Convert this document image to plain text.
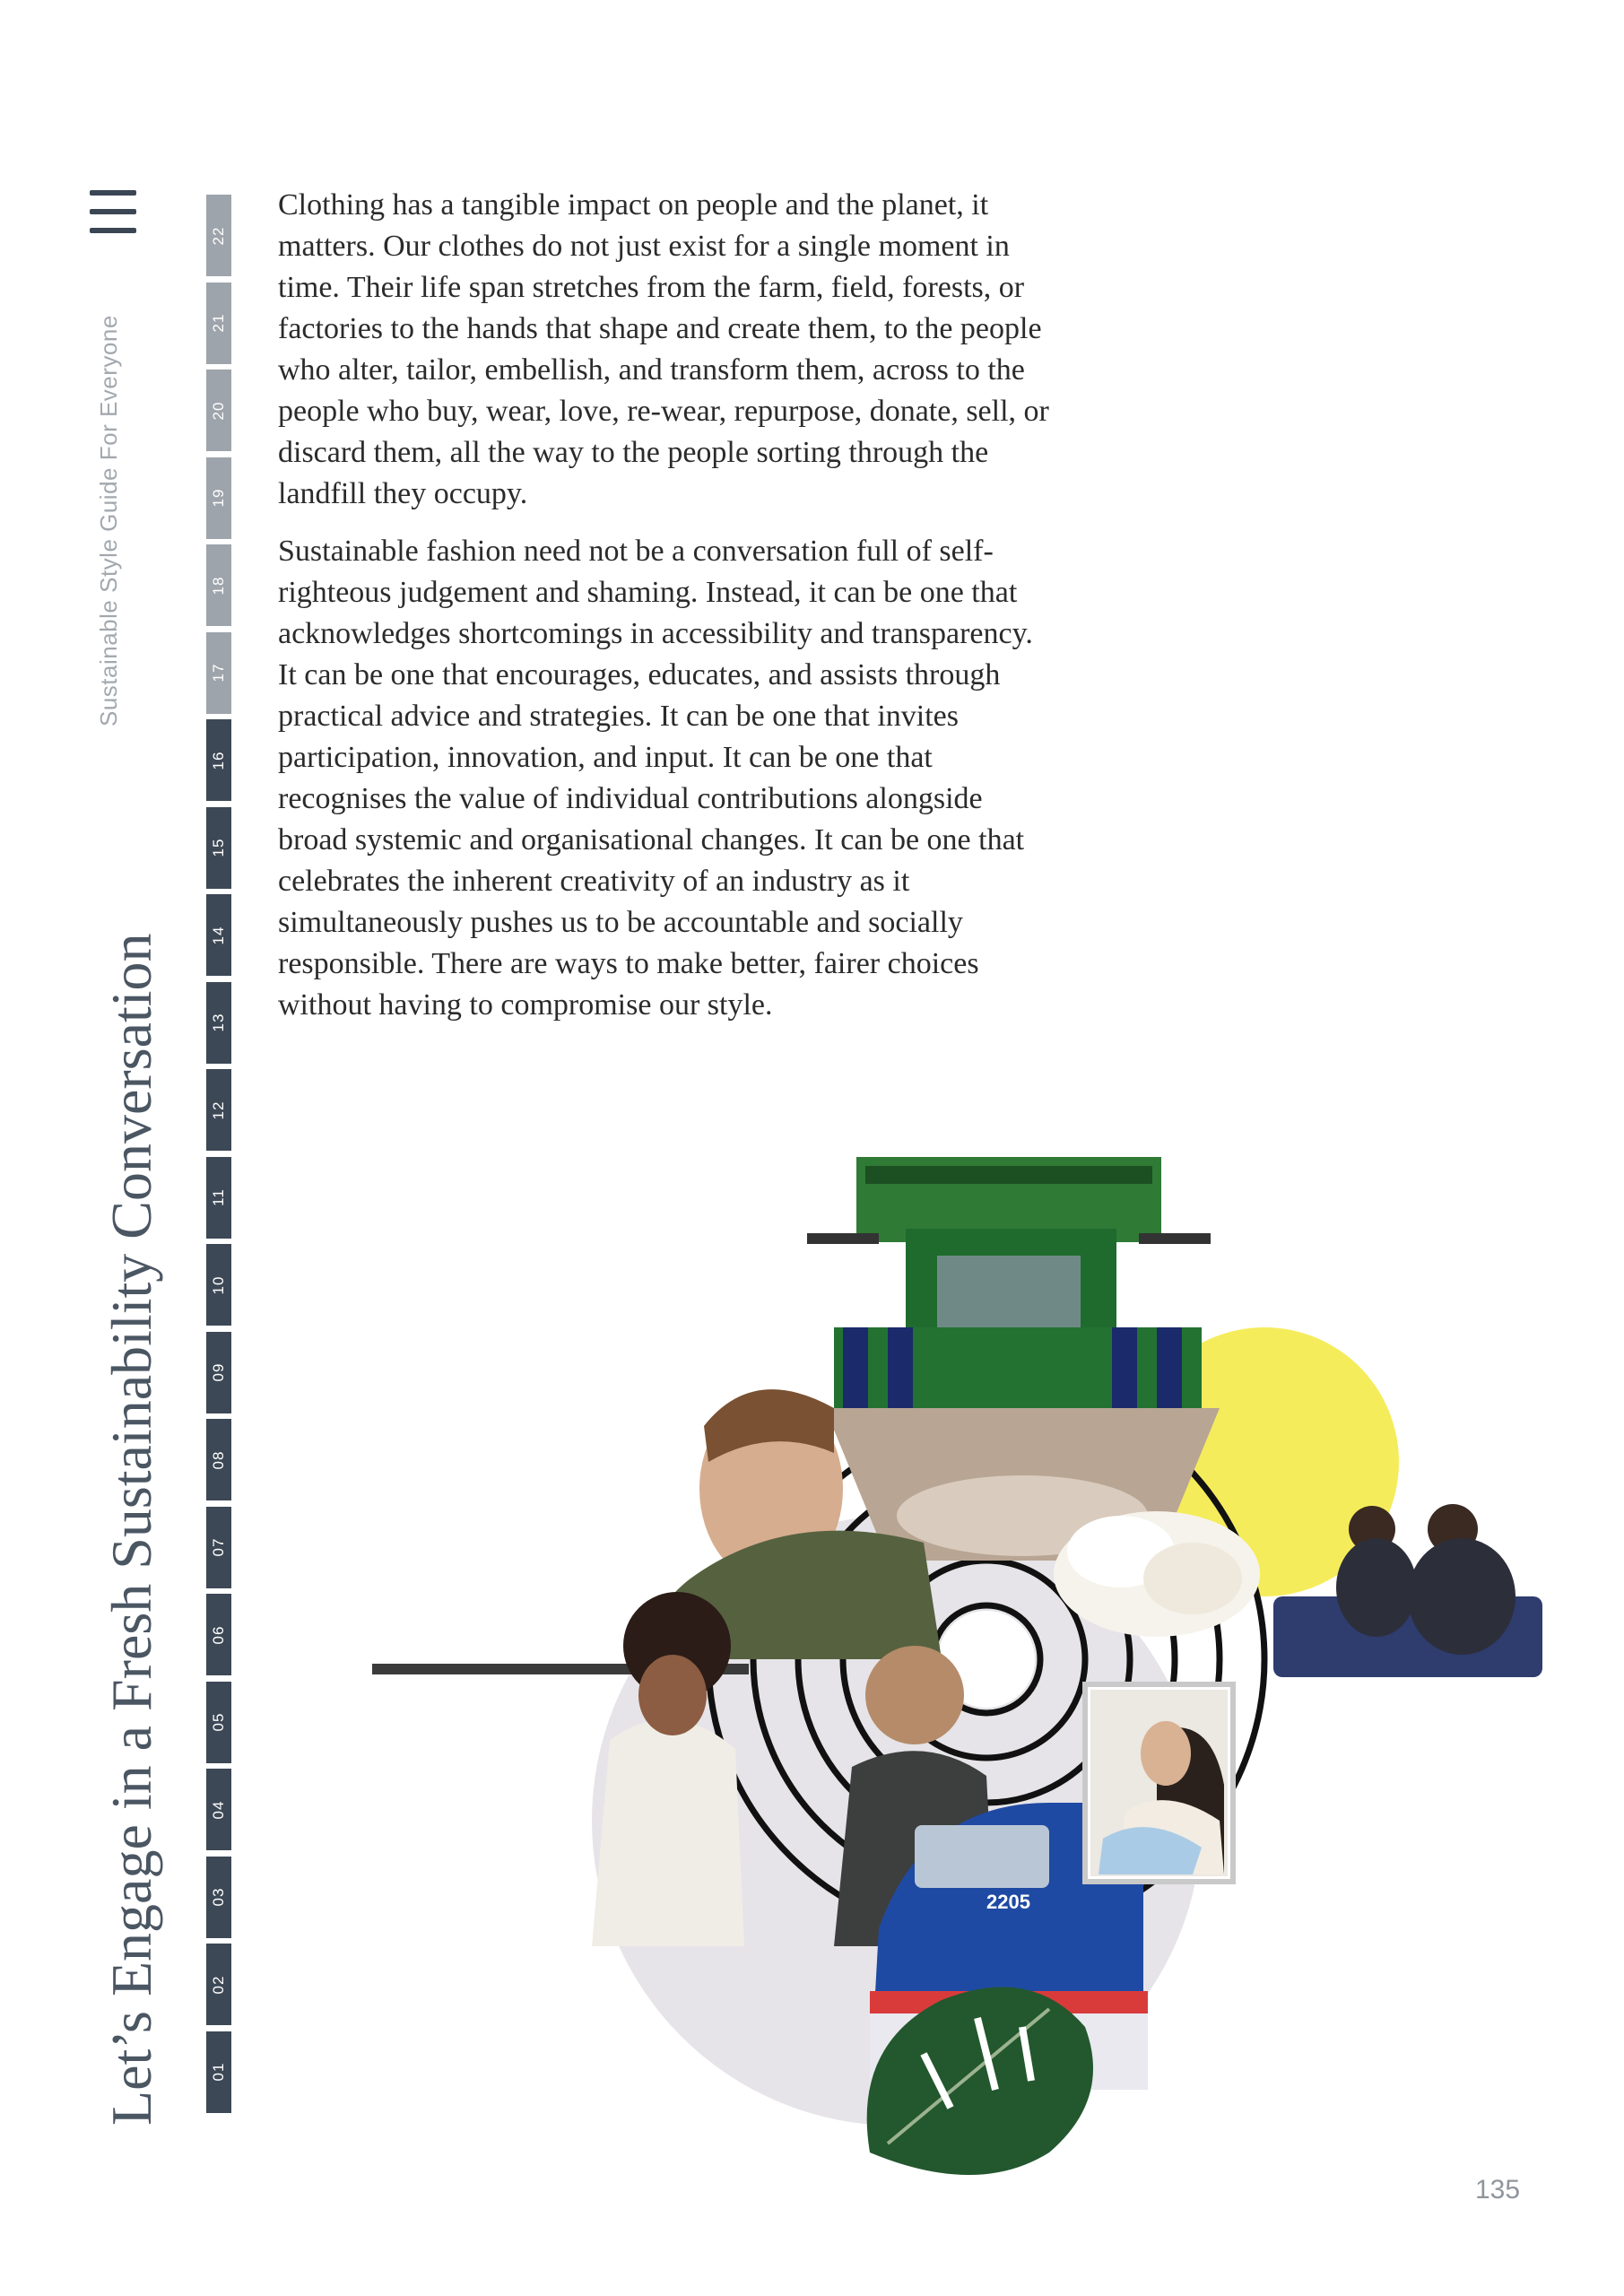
Sustainable Style Guide For Everyone
Let’s Engage in a Fresh Sustainability Conversation	01
02
03
04
05
06
07
08
09
10
11
12
13
14
15
16
17
18
19
20
21
22

Clothing has a tangible impact on people and the planet, it matters. Our clothes do not just exist for a single moment in time. Their life span stretches from the farm, field, forests, or factories to the hands that shape and create them, to the people who alter, tailor, embellish, and transform them, across to the people who buy, wear, love, re-wear, repurpose, donate, sell, or discard them, all the way to the people sorting through the landfill they occupy.

Sustainable fashion need not be a conversation full of self-righteous judgement and shaming. Instead, it can be one that acknowledges shortcomings in accessibility and transparency. It can be one that encourages, educates, and assists through practical advice and strategies. It can be one that invites participation, innovation, and input. It can be one that recognises the value of individual contributions alongside broad systemic and organisational changes. It can be one that celebrates the inherent creativity of an industry as it simultaneously pushes us to be accountable and socially responsible. There are ways to make better, fairer choices without having to compromise our style.

2205
135
